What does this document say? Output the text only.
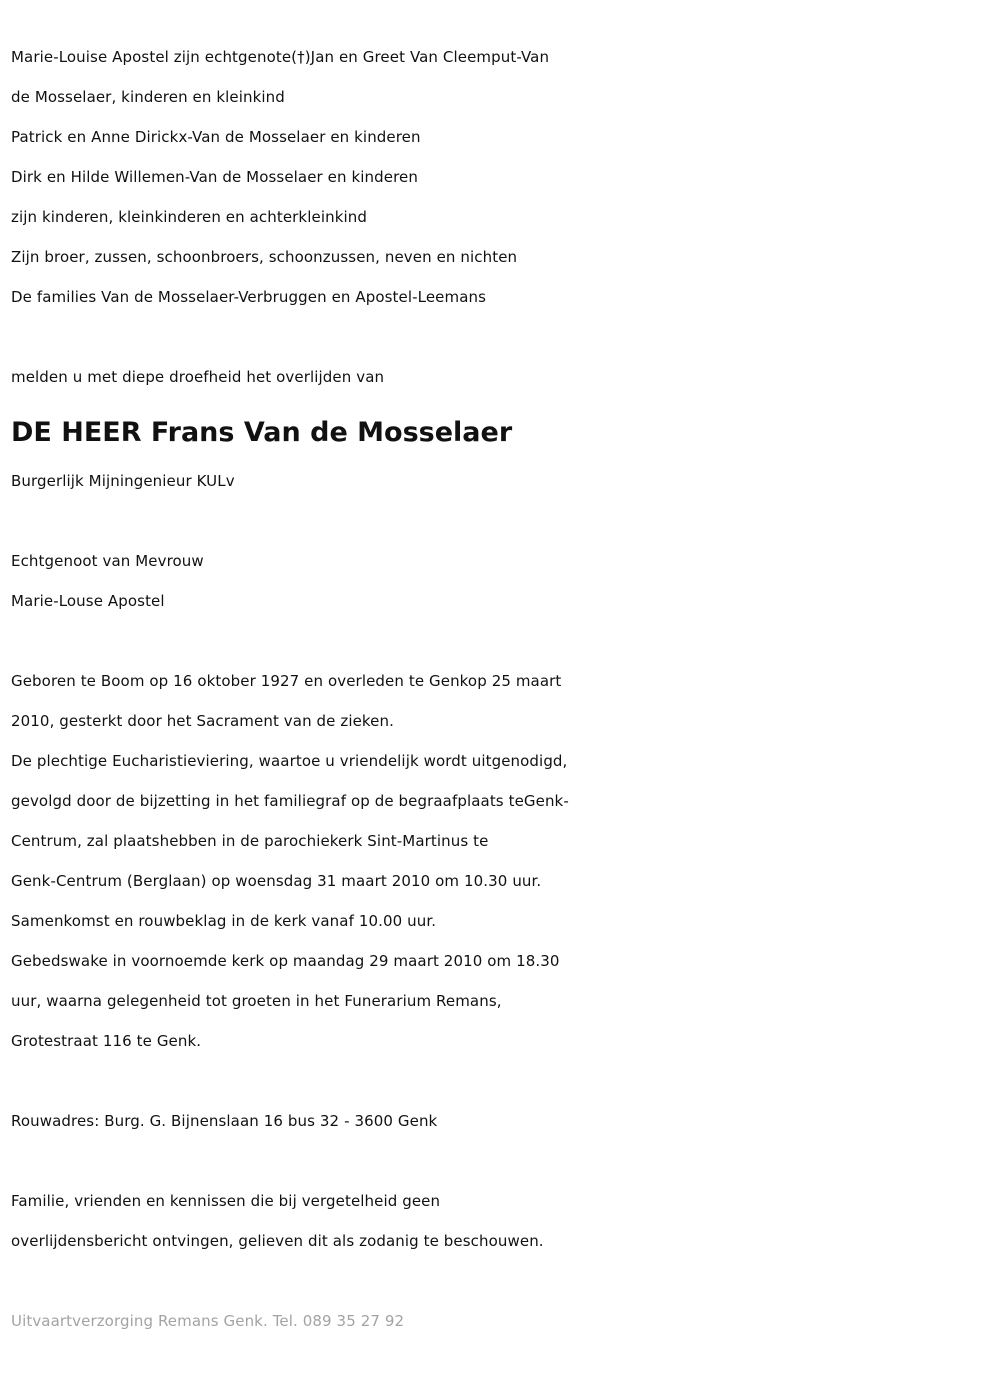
Marie-Louise Apostel zijn echtgenote(†)Jan en Greet Van Cleemput-Van
de Mosselaer, kinderen en kleinkind
Patrick en Anne Dirickx-Van de Mosselaer en kinderen
Dirk en Hilde Willemen-Van de Mosselaer en kinderen
zijn kinderen, kleinkinderen en achterkleinkind
Zijn broer, zussen, schoonbroers, schoonzussen, neven en nichten
De families Van de Mosselaer-Verbruggen en Apostel-Leemans
melden u met diepe droefheid het overlijden van
DE HEER Frans Van de Mosselaer
Burgerlijk Mijningenieur KULv
Echtgenoot van Mevrouw
Marie-Louse Apostel
Geboren te Boom op 16 oktober 1927 en overleden te Genkop 25 maart
2010, gesterkt door het Sacrament van de zieken.
De plechtige Eucharistieviering, waartoe u vriendelijk wordt uitgenodigd,
gevolgd door de bijzetting in het familiegraf op de begraafplaats teGenk-
Centrum, zal plaatshebben in de parochiekerk Sint-Martinus te
Genk-Centrum (Berglaan) op woensdag 31 maart 2010 om 10.30 uur.
Samenkomst en rouwbeklag in de kerk vanaf 10.00 uur.
Gebedswake in voornoemde kerk op maandag 29 maart 2010 om 18.30
uur, waarna gelegenheid tot groeten in het Funerarium Remans,
Grotestraat 116 te Genk.
Rouwadres: Burg. G. Bijnenslaan 16 bus 32 - 3600 Genk
Familie, vrienden en kennissen die bij vergetelheid geen
overlijdensbericht ontvingen, gelieven dit als zodanig te beschouwen.
Uitvaartverzorging Remans Genk. Tel. 089 35 27 92
